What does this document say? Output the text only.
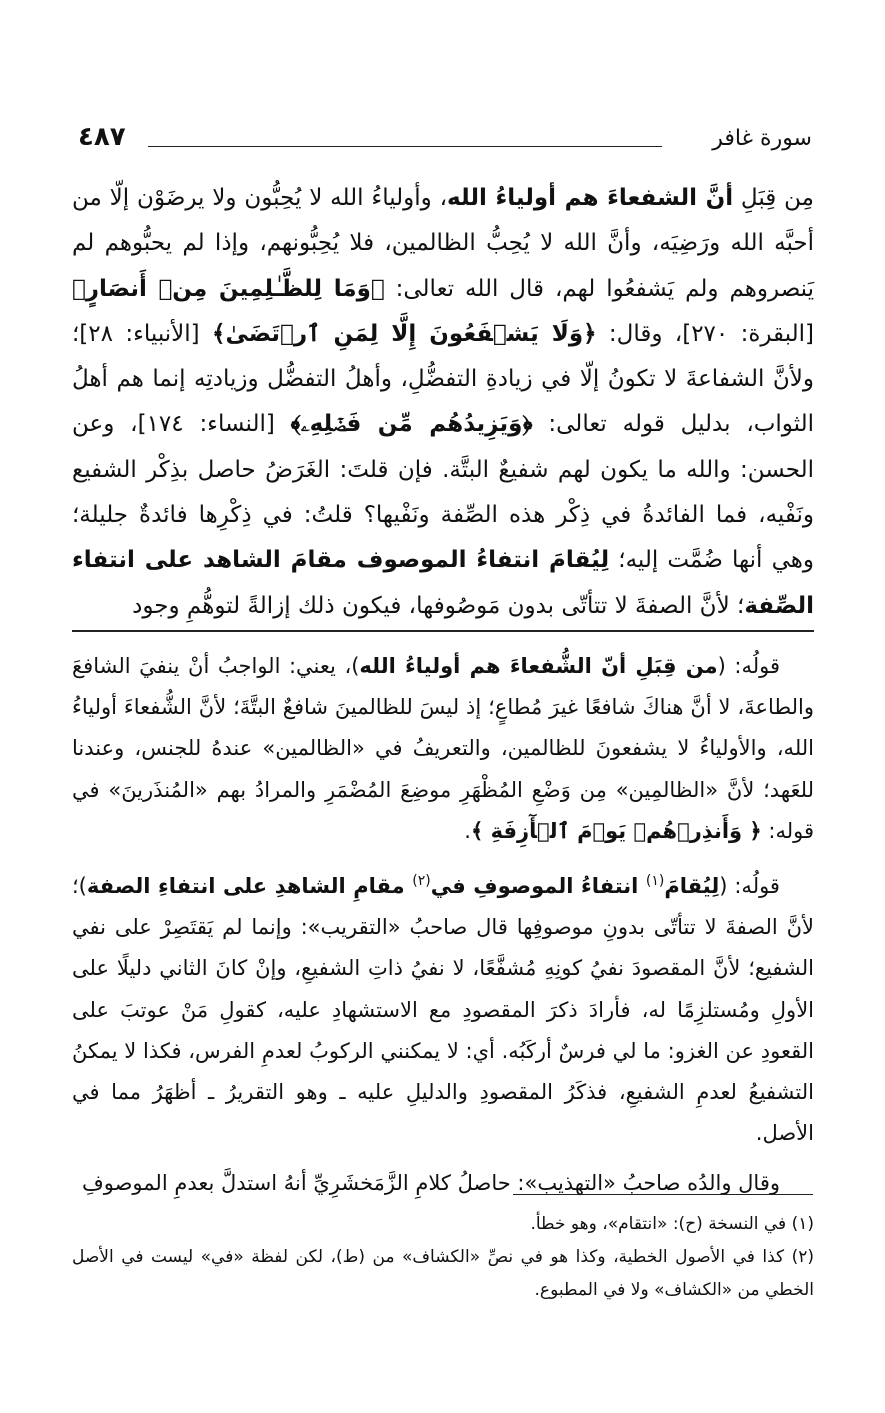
سورة غافر
٤٨٧

مِن قِبَلِ أنَّ الشفعاءَ هم أولياءُ الله، وأولياءُ الله لا يُحِبُّون ولا يرضَوْن إلّا من أحبَّه الله ورَضِيَه، وأنَّ الله لا يُحِبُّ الظالمين، فلا يُحِبُّونهم، وإذا لم يحبُّوهم لم يَنصروهم ولم يَشفعُوا لهم، قال الله تعالى: ﴿وَمَا لِلظَّـٰلِمِينَ مِنۡ أَنصَارٍ﴾ [البقرة: ٢٧٠]، وقال: ﴿وَلَا يَشۡفَعُونَ إِلَّا لِمَنِ ٱرۡتَضَىٰ﴾ [الأنبياء: ٢٨]؛ ولأنَّ الشفاعةَ لا تكونُ إلّا في زيادةِ التفضُّلِ، وأهلُ التفضُّل وزيادتِه إنما هم أهلُ الثواب، بدليل قوله تعالى: ﴿وَيَزِيدُهُم مِّن فَضۡلِهِۦ﴾ [النساء: ١٧٤]، وعن الحسن: والله ما يكون لهم شفيعٌ البتَّة. فإن قلتَ: الغَرَضُ حاصل بذِكْر الشفيع ونَفْيه، فما الفائدةُ في ذِكْر هذه الصِّفة ونَفْيها؟ قلتُ: في ذِكْرِها فائدةٌ جليلة؛ وهي أنها ضُمَّت إليه؛ لِيُقامَ انتفاءُ الموصوف مقامَ الشاهد على انتفاء الصِّفة؛ لأنَّ الصفةَ لا تتأتّى بدون مَوصُوفها، فيكون ذلك إزالةً لتوهُّمِ وجود

قولُه: (من قِبَلِ أنّ الشُّفعاءَ هم أولياءُ الله)، يعني: الواجبُ أنْ ينفيَ الشافعَ والطاعةَ، لا أنَّ هناكَ شافعًا غيرَ مُطاعٍ؛ إذ ليسَ للظالمينَ شافعٌ البتَّةَ؛ لأنَّ الشُّفعاءَ أولياءُ الله، والأولياءُ لا يشفعونَ للظالمين، والتعريفُ في «الظالمين» عندهُ للجنس، وعندنا للعَهد؛ لأنَّ «الظالمِين» مِن وَضْعِ المُظْهَرِ موضِعَ المُضْمَرِ والمرادُ بهم «المُنذَرينَ» في قوله: ﴿ وَأَنذِرۡهُمۡ يَوۡمَ ٱلۡأٓزِفَةِ ﴾.

قولُه: (لِيُقامَ$^{(١)}$ انتفاءُ الموصوفِ في$^{(٢)}$ مقامِ الشاهدِ على انتفاءِ الصفة)؛ لأنَّ الصفةَ لا تتأتّى بدونِ موصوفِها قال صاحبُ «التقريب»: وإنما لم يَقتَصِرْ على نفي الشفيع؛ لأنَّ المقصودَ نفيُ كونِهِ مُشفَّعًا، لا نفيُ ذاتِ الشفيعِ، وإنْ كانَ الثاني دليلًا على الأولِ ومُستلزِمًا له، فأرادَ ذكرَ المقصودِ مع الاستشهادِ عليه، كقولِ مَنْ عوتبَ على القعودِ عن الغزو: ما لي فرسٌ أركَبُه. أي: لا يمكنني الركوبُ لعدمِ الفرس، فكذا لا يمكنُ التشفيعُ لعدمِ الشفيعِ، فذكَرُ المقصودِ والدليلِ عليه ـ وهو التقريرُ ـ أظهَرُ مما في الأصل.

وقال والدُه صاحبُ «التهذيب»: حاصلُ كلامِ الزَّمَخشَرِيِّ أنهُ استدلَّ بعدمِ الموصوفِ

(١) في النسخة (ح): «انتقام»، وهو خطأ.

(٢) كذا في الأصول الخطية، وكذا هو في نصِّ «الكشاف» من (ط)، لكن لفظة «في» ليست في الأصل الخطي من «الكشاف» ولا في المطبوع.
